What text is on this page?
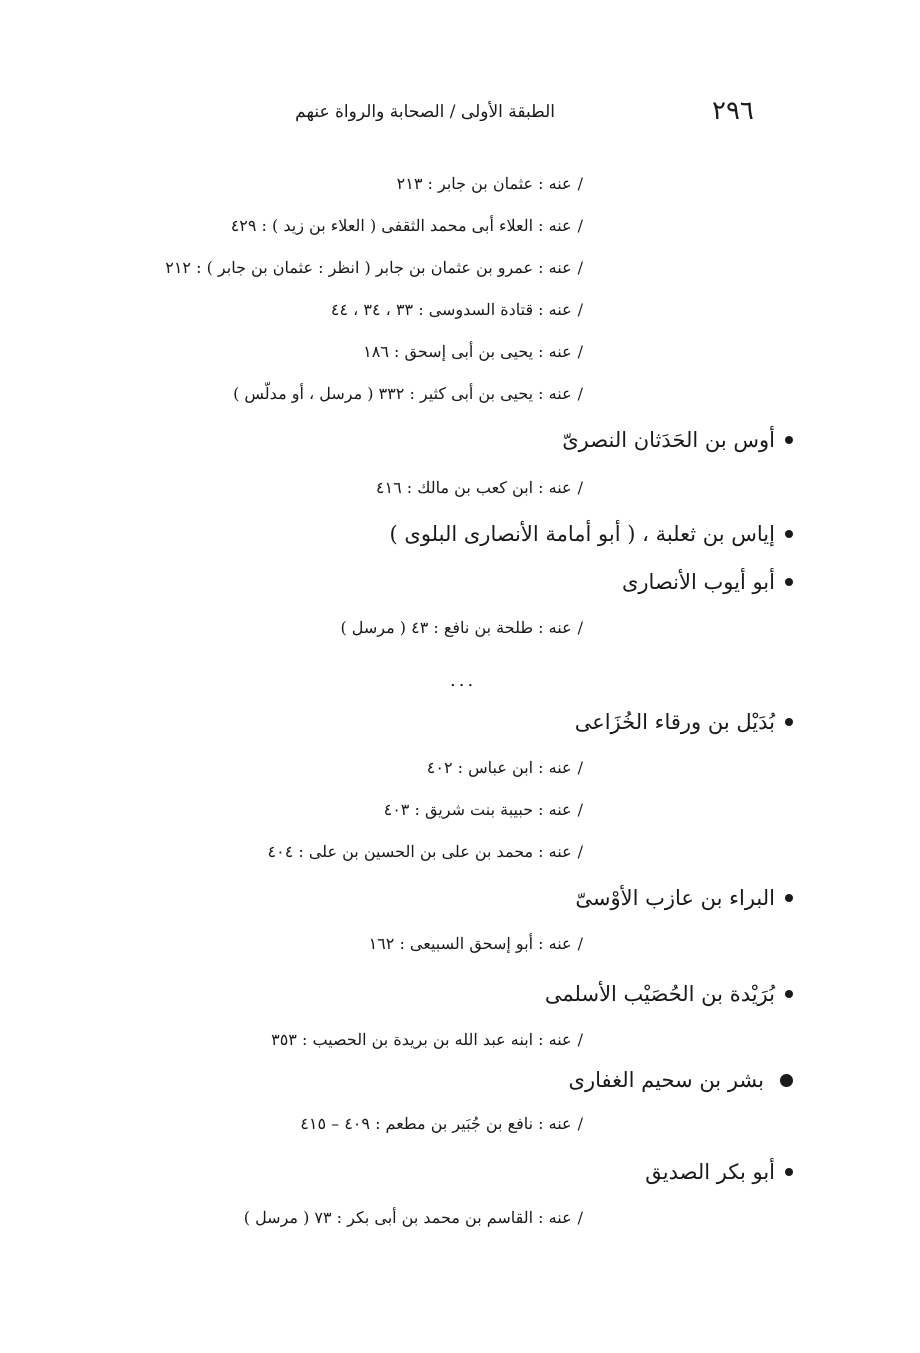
٢٩٦
الطبقة الأولى / الصحابة والرواة عنهم
/عنه : عثمان بن جابر : ٢١٣
/عنه : العلاء أبى محمد الثقفى ( العلاء بن زيد ) : ٤٢٩
/عنه : عمرو بن عثمان بن جابر ( انظر : عثمان بن جابر ) : ٢١٢
/عنه : قتادة السدوسى : ٣٣ ، ٣٤ ، ٤٤
/عنه : يحيى بن أبى إسحق : ١٨٦
/عنه : يحيى بن أبى كثير : ٣٣٢ ( مرسل ، أو مدلّس )
أوس بن الحَدَثان النصرىّ
/عنه : ابن كعب بن مالك : ٤١٦
إياس بن ثعلبة ، ( أبو أمامة الأنصارى البلوى )
أبو أيوب الأنصارى
/عنه : طلحة بن نافع : ٤٣ ( مرسل )
...
بُدَيْل بن ورقاء الخُزَاعى
/عنه : ابن عباس : ٤٠٢
/عنه : حبيبة بنت شريق : ٤٠٣
/عنه : محمد بن على بن الحسين بن على : ٤٠٤
البراء بن عازب الأوْسىّ
/عنه : أبو إسحق السبيعى : ١٦٢
بُرَيْدة بن الحُصَيْب الأسلمى
/عنه : ابنه عبد الله بن بريدة بن الحصيب : ٣٥٣
بشر بن سحيم الغفارى
/عنه : نافع بن جُبَير بن مطعم : ٤٠٩ – ٤١٥
أبو بكر الصديق
/عنه : القاسم بن محمد بن أبى بكر : ٧٣ ( مرسل )
